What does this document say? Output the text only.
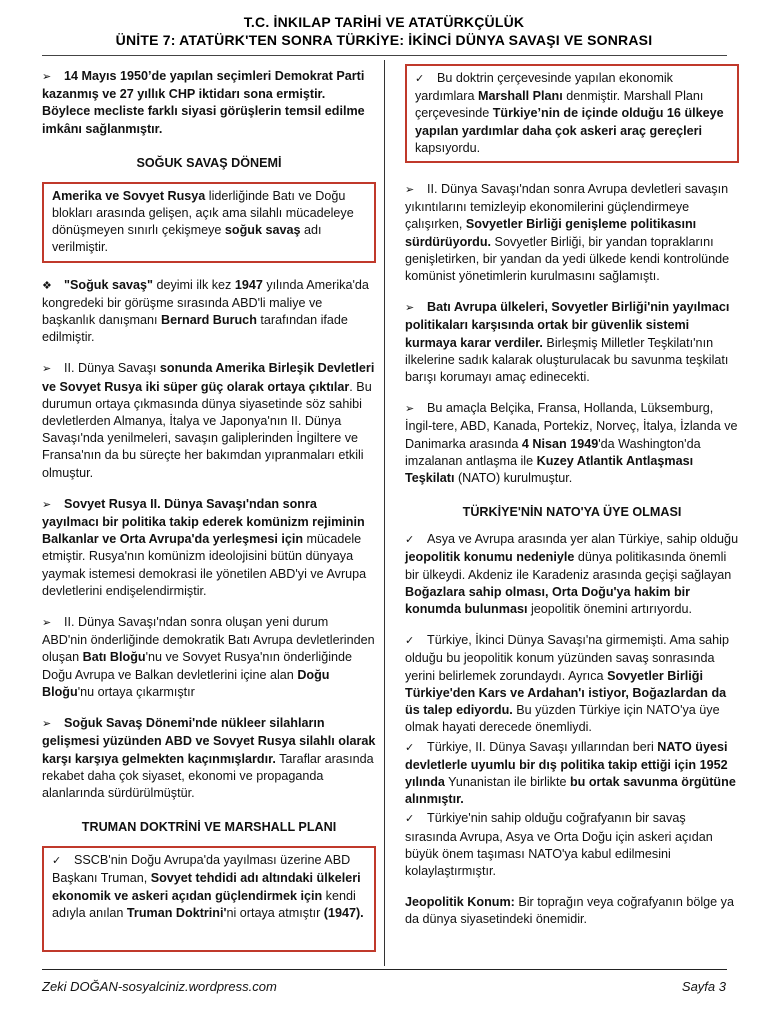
T.C. İNKILAP TARİHİ VE ATATÜRKÇÜLÜK
ÜNİTE 7: ATATÜRK'TEN SONRA TÜRKİYE: İKİNCİ DÜNYA SAVAŞI VE SONRASI

➢ 14 Mayıs 1950’de yapılan seçimleri Demokrat Parti kazanmış ve 27 yıllık CHP iktidarı sona ermiştir. Böylece mecliste farklı siyasi görüşlerin temsil edilme imkânı sağlanmıştır.

SOĞUK SAVAŞ DÖNEMİ

Amerika ve Sovyet Rusya liderliğinde Batı ve Doğu blokları arasında gelişen, açık ama silahlı mücadeleye dönüşmeyen sınırlı çekişmeye soğuk savaş adı verilmiştir.

❖ "Soğuk savaş" deyimi ilk kez 1947 yılında Amerika'da kongredeki bir görüşme sırasında ABD'li maliye ve başkanlık danışmanı Bernard Buruch tarafından ifade edilmiştir.

➢ II. Dünya Savaşı sonunda Amerika Birleşik Devletleri ve Sovyet Rusya iki süper güç olarak ortaya çıktılar. Bu durumun ortaya çıkmasında dünya siyasetinde söz sahibi devletlerden Almanya, İtalya ve Japonya'nın II. Dünya Savaşı'nda yenilmeleri, savaşın galiplerinden İngiltere ve Fransa'nın da bu süreçte her bakımdan yıpranmaları etkili olmuştur.

➢ Sovyet Rusya II. Dünya Savaşı'ndan sonra yayılmacı bir politika takip ederek komünizm rejiminin Balkanlar ve Orta Avrupa'da yerleşmesi için mücadele etmiştir. Rusya'nın komünizm ideolojisini bütün dünyaya yaymak istemesi demokrasi ile yönetilen ABD'yi ve Avrupa devletlerini endişelendirmiştir.

➢ II. Dünya Savaşı'ndan sonra oluşan yeni durum ABD'nin önderliğinde demokratik Batı Avrupa devletlerinden oluşan Batı Bloğu'nu ve Sovyet Rusya'nın önderliğinde Doğu Avrupa ve Balkan devletlerini içine alan Doğu Bloğu'nu ortaya çıkarmıştır

➢ Soğuk Savaş Dönemi'nde nükleer silahların gelişmesi yüzünden ABD ve Sovyet Rusya silahlı olarak karşı karşıya gelmekten kaçınmışlardır. Taraflar arasında rekabet daha çok siyaset, ekonomi ve propaganda alanlarında sürdürülmüştür.

TRUMAN DOKTRİNİ VE MARSHALL PLANI

✓ SSCB'nin Doğu Avrupa'da yayılması üzerine ABD Başkanı Truman, Sovyet tehdidi adı altındaki ülkeleri ekonomik ve askeri açıdan güçlendirmek için kendi adıyla anılan Truman Doktrini'ni ortaya atmıştır (1947).

✓ Bu doktrin çerçevesinde yapılan ekonomik yardımlara Marshall Planı denmiştir. Marshall Planı çerçevesinde Türkiye’nin de içinde olduğu 16 ülkeye yapılan yardımlar daha çok askeri araç gereçleri kapsıyordu.

➢ II. Dünya Savaşı'ndan sonra Avrupa devletleri savaşın yıkıntılarını temizleyip ekonomilerini güçlendirmeye çalışırken, Sovyetler Birliği genişleme politikasını sürdürüyordu. Sovyetler Birliği, bir yandan topraklarını genişletirken, bir yandan da yedi ülkede kendi kontrolünde komünist yönetimlerin kurulmasını sağlamıştı.

➢ Batı Avrupa ülkeleri, Sovyetler Birliği'nin yayılmacı politikaları karşısında ortak bir güvenlik sistemi kurmaya karar verdiler. Birleşmiş Milletler Teşkilatı'nın ilkelerine sadık kalarak oluşturulacak bu savunma teşkilatı barışı korumayı amaç edinecekti.

➢ Bu amaçla Belçika, Fransa, Hollanda, Lüksemburg, İngil-tere, ABD, Kanada, Portekiz, Norveç, İtalya, İzlanda ve Danimarka arasında 4 Nisan 1949'da Washington'da imzalanan antlaşma ile Kuzey Atlantik Antlaşması Teşkilatı (NATO) kurulmuştur.

TÜRKİYE'NİN NATO'YA ÜYE OLMASI

✓ Asya ve Avrupa arasında yer alan Türkiye, sahip olduğu jeopolitik konumu nedeniyle dünya politikasında önemli bir ülkeydi. Akdeniz ile Karadeniz arasında geçişi sağlayan Boğazlara sahip olması, Orta Doğu'ya hakim bir konumda bulunması jeopolitik önemini artırıyordu.

✓ Türkiye, İkinci Dünya Savaşı'na girmemişti. Ama sahip olduğu bu jeopolitik konum yüzünden savaş sonrasında yerini belirlemek zorundaydı. Ayrıca Sovyetler Birliği Türkiye'den Kars ve Ardahan'ı istiyor, Boğazlardan da üs talep ediyordu. Bu yüzden Türkiye için NATO'ya üye olmak hayati derecede önemliydi.

✓ Türkiye, II. Dünya Savaşı yıllarından beri NATO üyesi devletlerle uyumlu bir dış politika takip ettiği için 1952 yılında Yunanistan ile birlikte bu ortak savunma örgütüne alınmıştır.

✓ Türkiye'nin sahip olduğu coğrafyanın bir savaş sırasında Avrupa, Asya ve Orta Doğu için askeri açıdan büyük önem taşıması NATO'ya kabul edilmesini kolaylaştırmıştır.

Jeopolitik Konum: Bir toprağın veya coğrafyanın bölge ya da dünya siyasetindeki önemidir.

Zeki DOĞAN-sosyalciniz.wordpress.com	Sayfa 3
